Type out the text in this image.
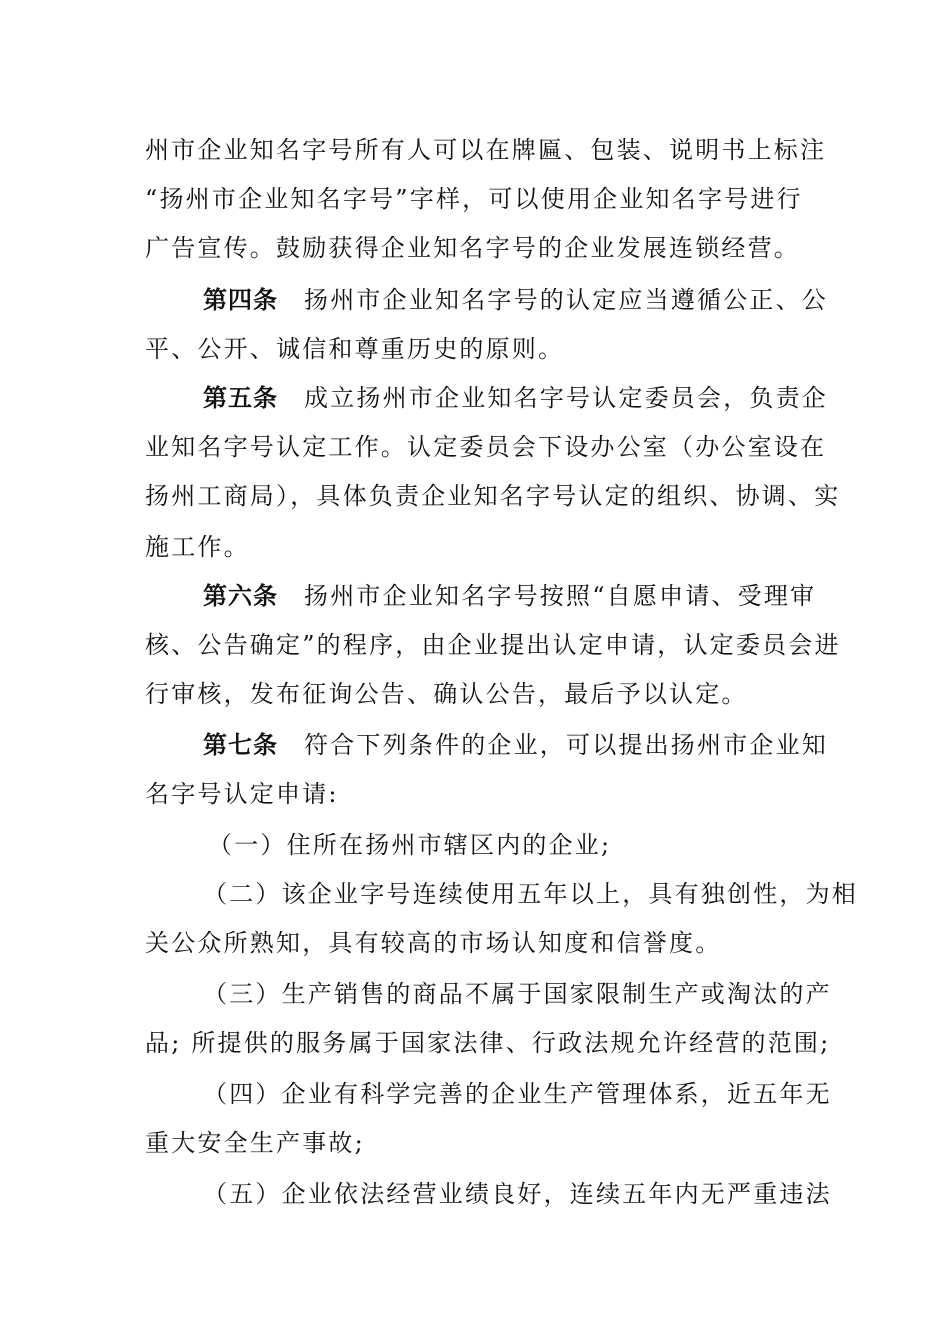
州市企业知名字号所有人可以在牌匾、包装、说明书上标注
“扬州市企业知名字号”字样，可以使用企业知名字号进行
广告宣传。鼓励获得企业知名字号的企业发展连锁经营。
第四条 扬州市企业知名字号的认定应当遵循公正、公
平、公开、诚信和尊重历史的原则。
第五条 成立扬州市企业知名字号认定委员会，负责企
业知名字号认定工作。认定委员会下设办公室（办公室设在
扬州工商局），具体负责企业知名字号认定的组织、协调、实
施工作。
第六条 扬州市企业知名字号按照“自愿申请、受理审
核、公告确定”的程序，由企业提出认定申请，认定委员会进
行审核，发布征询公告、确认公告，最后予以认定。
第七条 符合下列条件的企业，可以提出扬州市企业知
名字号认定申请:
（一）住所在扬州市辖区内的企业;
（二）该企业字号连续使用五年以上，具有独创性，为相
关公众所熟知，具有较高的市场认知度和信誉度。
（三）生产销售的商品不属于国家限制生产或淘汰的产
品; 所提供的服务属于国家法律、行政法规允许经营的范围;
（四）企业有科学完善的企业生产管理体系，近五年无
重大安全生产事故;
（五）企业依法经营业绩良好，连续五年内无严重违法
